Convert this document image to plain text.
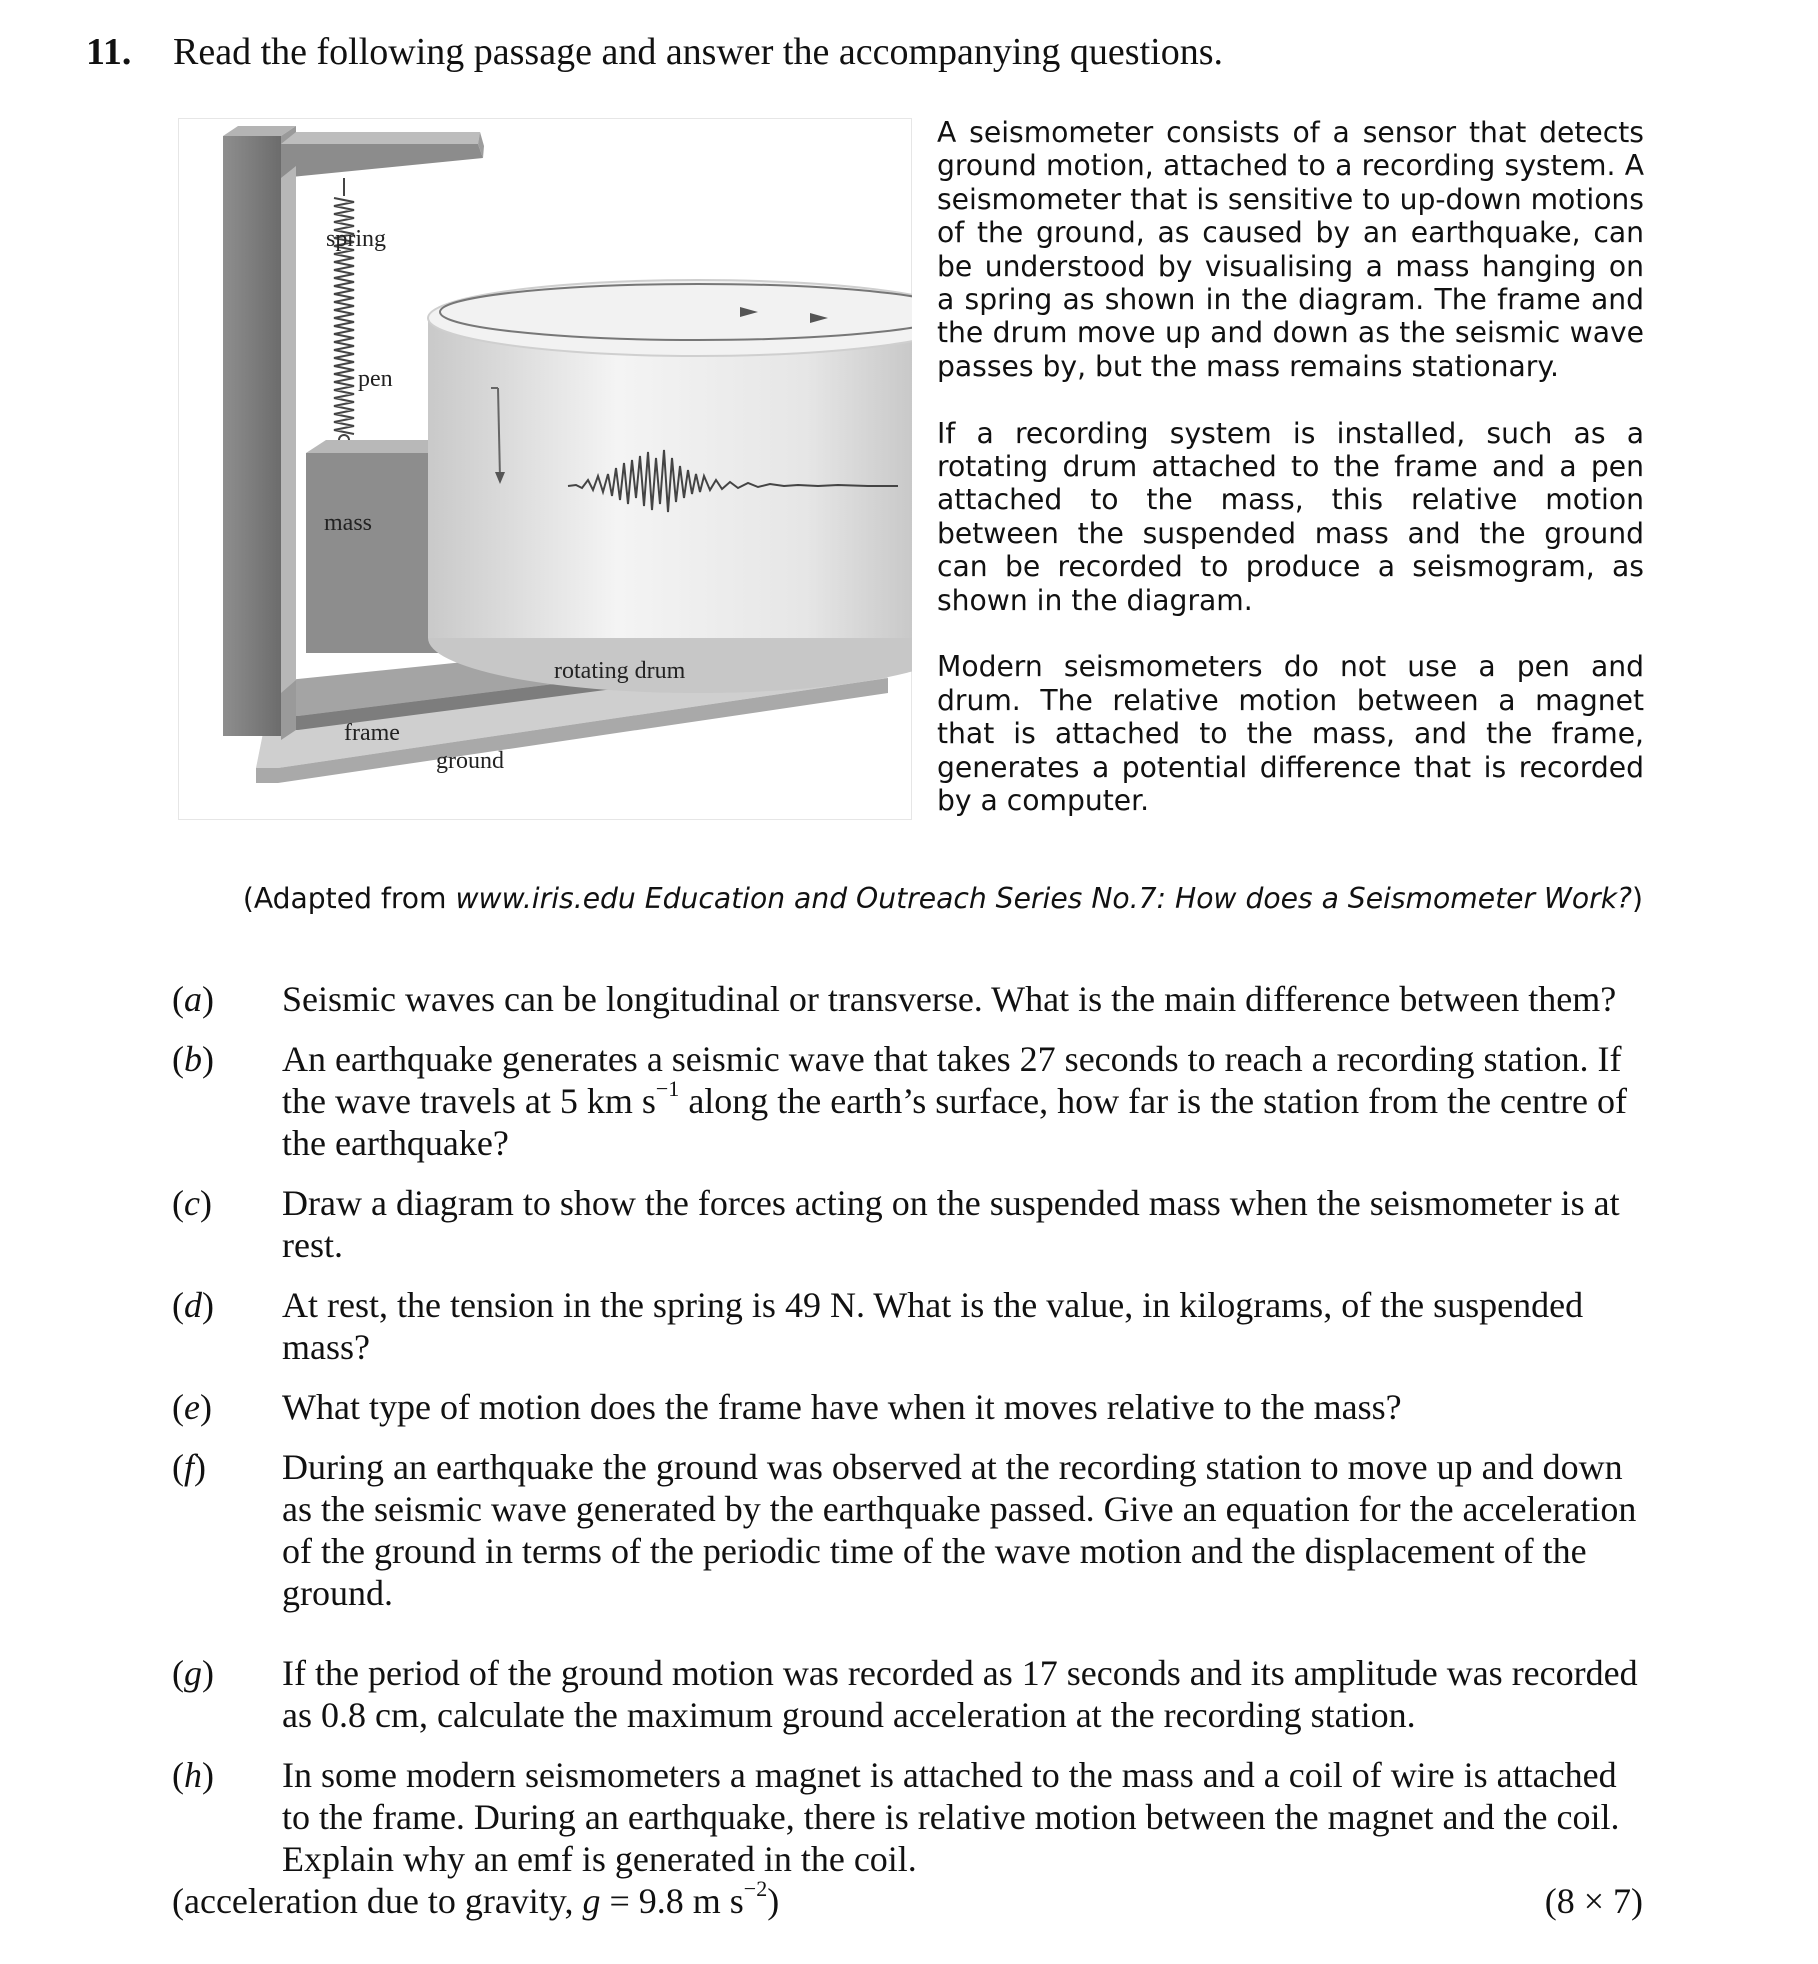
11. Read the following passage and answer the accompanying questions.
spring
pen
mass
rotating drum
frame
ground

A seismometer consists of a sensor that detects ground motion, attached to a recording system. A seismometer that is sensitive to up-down motions of the ground, as caused by an earthquake, can be understood by visualising a mass hanging on a spring as shown in the diagram. The frame and the drum move up and down as the seismic wave passes by, but the mass remains stationary.

If a recording system is installed, such as a rotating drum attached to the frame and a pen attached to the mass, this relative motion between the suspended mass and the ground can be recorded to produce a seismogram, as shown in the diagram.

Modern seismometers do not use a pen and drum. The relative motion between a magnet that is attached to the mass, and the frame, generates a potential difference that is recorded by a computer.

(Adapted from www.iris.edu Education and Outreach Series No.7: How does a Seismometer Work?)
(a) Seismic waves can be longitudinal or transverse. What is the main difference between them?
(b) An earthquake generates a seismic wave that takes 27 seconds to reach a recording station. If the wave travels at 5 km $s^{-1}$ along the earth’s surface, how far is the station from the centre of the earthquake?
(c) Draw a diagram to show the forces acting on the suspended mass when the seismometer is at rest.
(d) At rest, the tension in the spring is 49 N. What is the value, in kilograms, of the suspended mass?
(e) What type of motion does the frame have when it moves relative to the mass?
(f) During an earthquake the ground was observed at the recording station to move up and down as the seismic wave generated by the earthquake passed. Give an equation for the acceleration of the ground in terms of the periodic time of the wave motion and the displacement of the ground.
(g) If the period of the ground motion was recorded as 17 seconds and its amplitude was recorded as 0.8 cm, calculate the maximum ground acceleration at the recording station.
(h) In some modern seismometers a magnet is attached to the mass and a coil of wire is attached to the frame. During an earthquake, there is relative motion between the magnet and the coil. Explain why an emf is generated in the coil.
(acceleration due to gravity, g = 9.8 m $s^{-2}$)	(8 × 7)
